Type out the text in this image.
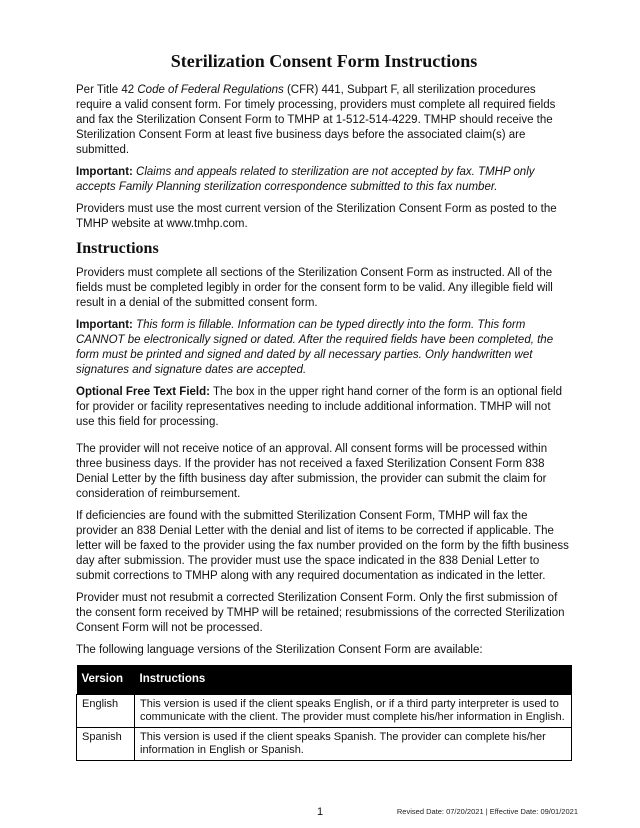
Sterilization Consent Form Instructions

Per Title 42 Code of Federal Regulations (CFR) 441, Subpart F, all sterilization procedures require a valid consent form. For timely processing, providers must complete all required fields and fax the Sterilization Consent Form to TMHP at 1-512-514-4229. TMHP should receive the Sterilization Consent Form at least five business days before the associated claim(s) are submitted.

Important: Claims and appeals related to sterilization are not accepted by fax. TMHP only accepts Family Planning sterilization correspondence submitted to this fax number.

Providers must use the most current version of the Sterilization Consent Form as posted to the TMHP website at www.tmhp.com.

Instructions

Providers must complete all sections of the Sterilization Consent Form as instructed. All of the fields must be completed legibly in order for the consent form to be valid. Any illegible field will result in a denial of the submitted consent form.

Important: This form is fillable. Information can be typed directly into the form. This form CANNOT be electronically signed or dated. After the required fields have been completed, the form must be printed and signed and dated by all necessary parties. Only handwritten wet signatures and signature dates are accepted.

Optional Free Text Field: The box in the upper right hand corner of the form is an optional field for provider or facility representatives needing to include additional information. TMHP will not use this field for processing.

The provider will not receive notice of an approval. All consent forms will be processed within three business days. If the provider has not received a faxed Sterilization Consent Form 838 Denial Letter by the fifth business day after submission, the provider can submit the claim for consideration of reimbursement.

If deficiencies are found with the submitted Sterilization Consent Form, TMHP will fax the provider an 838 Denial Letter with the denial and list of items to be corrected if applicable. The letter will be faxed to the provider using the fax number provided on the form by the fifth business day after submission. The provider must use the space indicated in the 838 Denial Letter to submit corrections to TMHP along with any required documentation as indicated in the letter.

Provider must not resubmit a corrected Sterilization Consent Form. Only the first submission of the consent form received by TMHP will be retained; resubmissions of the corrected Sterilization Consent Form will not be processed.

The following language versions of the Sterilization Consent Form are available:

Version	Instructions
English	This version is used if the client speaks English, or if a third party interpreter is used to communicate with the client. The provider must complete his/her information in English.
Spanish	This version is used if the client speaks Spanish. The provider can complete his/her information in English or Spanish.
1	Revised Date: 07/20/2021 | Effective Date: 09/01/2021
